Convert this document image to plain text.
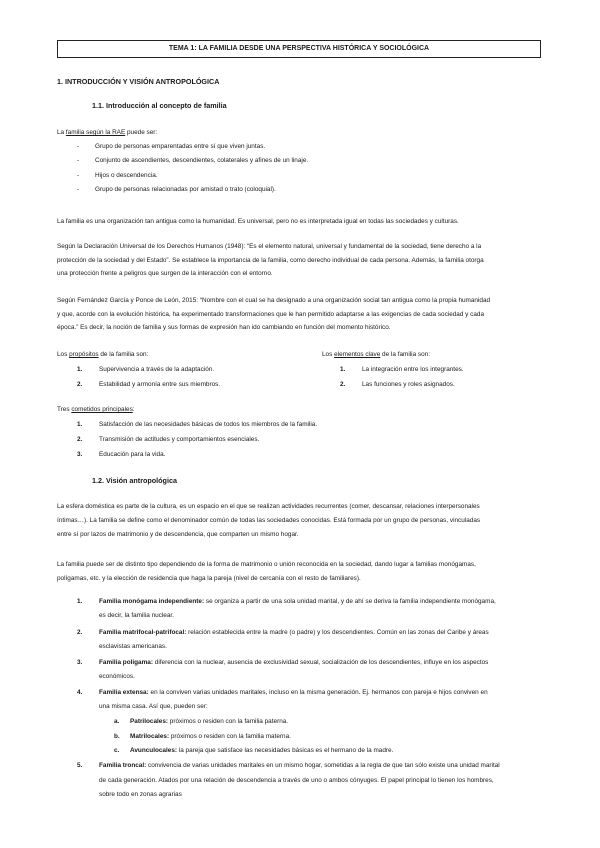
TEMA 1: LA FAMILIA DESDE UNA PERSPECTIVA HISTÓRICA Y SOCIOLÓGICA
1. INTRODUCCIÓN Y VISIÓN ANTROPOLÓGICA
1.1. Introducción al concepto de familia
La familia según la RAE puede ser:
- Grupo de personas emparentadas entre sí que viven juntas.
- Conjunto de ascendientes, descendientes, colaterales y afines de un linaje.
- Hijos o descendencia.
- Grupo de personas relacionadas por amistad o trato (coloquial).
La familia es una organización tan antigua como la humanidad. Es universal, pero no es interpretada igual en todas las sociedades y culturas.
Según la Declaración Universal de los Derechos Humanos (1948): “Es el elemento natural, universal y fundamental de la sociedad, tiene derecho a la
protección de la sociedad y del Estado”. Se establece la importancia de la familia, como derecho individual de cada persona. Además, la familia otorga
una protección frente a peligros que surgen de la interacción con el entorno.
Según Fernández García y Ponce de León, 2015: “Nombre con el cual se ha designado a una organización social tan antigua como la propia humanidad
y que, acorde con la evolución histórica, ha experimentado transformaciones que le han permitido adaptarse a las exigencias de cada sociedad y cada
época.” Es decir, la noción de familia y sus formas de expresión han ido cambiando en función del momento histórico.
Los propósitos de la familia son:
1.	Supervivencia a través de la adaptación.
2.	Estabilidad y armonía entre sus miembros.
Los elementos clave de la familia son:
1.	La integración entre los integrantes.
2.	Las funciones y roles asignados.
Tres cometidos principales:
1.	Satisfacción de las necesidades básicas de todos los miembros de la familia.
2.	Transmisión de actitudes y comportamientos esenciales.
3.	Educación para la vida.
1.2. Visión antropológica
La esfera doméstica es parte de la cultura, es un espacio en el que se realizan actividades recurrentes (comer, descansar, relaciones interpersonales
íntimas…). La familia se define como el denominador común de todas las sociedades conocidas. Está formada por un grupo de personas, vinculadas
entre sí por lazos de matrimonio y de descendencia, que comparten un mismo hogar.
La familia puede ser de distinto tipo dependiendo de la forma de matrimonio o unión reconocida en la sociedad, dando lugar a familias monógamas,
polígamas, etc. y la elección de residencia que haga la pareja (nivel de cercanía con el resto de familiares).
1.	Familia monógama independiente: se organiza a partir de una sola unidad marital, y de ahí se deriva la familia independiente monógama,
es decir, la familia nuclear.
2.	Familia matrifocal-patrifocal: relación establecida entre la madre (o padre) y los descendientes. Común en las zonas del Caribe y áreas
esclavistas americanas.
3.	Familia polígama: diferencia con la nuclear, ausencia de exclusividad sexual, socialización de los descendientes, influye en los aspectos
económicos.
4.	Familia extensa: en la conviven varias unidades maritales, incluso en la misma generación. Ej. hermanos con pareja e hijos conviven en
una misma casa. Así que, pueden ser:
a. Patrilocales: próximos o residen con la familia paterna.
b. Matrilocales: próximos o residen con la familia materna.
c. Avunculocales: la pareja que satisface las necesidades básicas es el hermano de la madre.
5.	Familia troncal: convivencia de varias unidades maritales en un mismo hogar, sometidas a la regla de que tan sólo existe una unidad marital
de cada generación. Atados por una relación de descendencia a través de uno o ambos cónyuges. El papel principal lo tienen los hombres,
sobre todo en zonas agrarias
